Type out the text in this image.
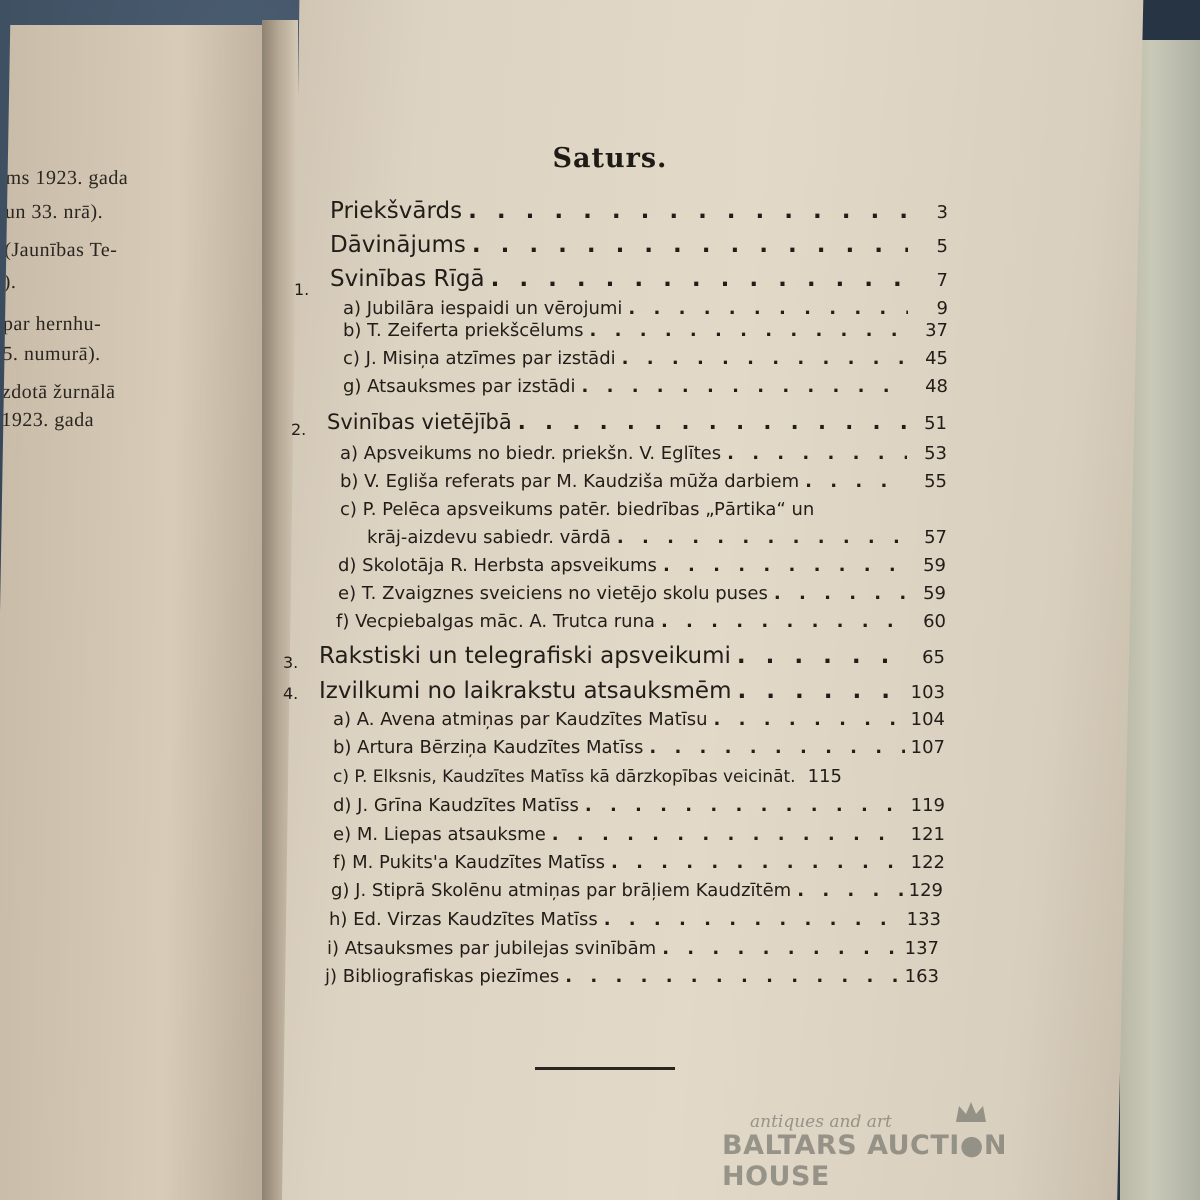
ms 1923. gada
un 33. nrā).
(Jaunības Te-
).
par hernhu-
5. numurā).
zdotā žurnālā
1923. gada
Saturs.
Priekšvārds . . .	3
Dāvinājums . . .	5
1. Svinības Rīgā . . .	7
a) Jubilāra iespaidi un vērojumi . . .	9
b) T. Zeiferta priekšcēlums . . .	37
c) J. Misiņa atzīmes par izstādi . . .	45
g) Atsauksmes par izstādi . . .	48
2. Svinības vietējībā . . .	51
a) Apsveikums no biedr. priekšn. V. Eglītes . . .	53
b) V. Egliša referats par M. Kaudziša mūža darbiem . . .	55
c) P. Pelēca apsveikums patēr. biedrības „Pārtika“ un
krāj-aizdevu sabiedr. vārdā . . .	57
d) Skolotāja R. Herbsta apsveikums . . .	59
e) T. Zvaigznes sveiciens no vietējo skolu puses . . .	59
f) Vecpiebalgas māc. A. Trutca runa . . .	60
3. Rakstiski un telegrafiski apsveikumi . . .	65
4. Izvilkumi no laikrakstu atsauksmēm . . .	103
a) A. Avena atmiņas par Kaudzītes Matīsu . . .	104
b) Artura Bērziņa Kaudzītes Matīss . . .	107
c) P. Elksnis, Kaudzītes Matīss kā dārzkopības veicināt. 115
d) J. Grīna Kaudzītes Matīss . . .	119
e) M. Liepas atsauksme . . .	121
f) M. Pukits'a Kaudzītes Matīss . . .	122
g) J. Stiprā Skolēnu atmiņas par brāļiem Kaudzītēm . . .	129
h) Ed. Virzas Kaudzītes Matīss . . .	133
i) Atsauksmes par jubilejas svinībām . . .	137
j) Bibliografiskas piezīmes . . .	163
antiques and art
BALTARS AUCTI●N HOUSE
